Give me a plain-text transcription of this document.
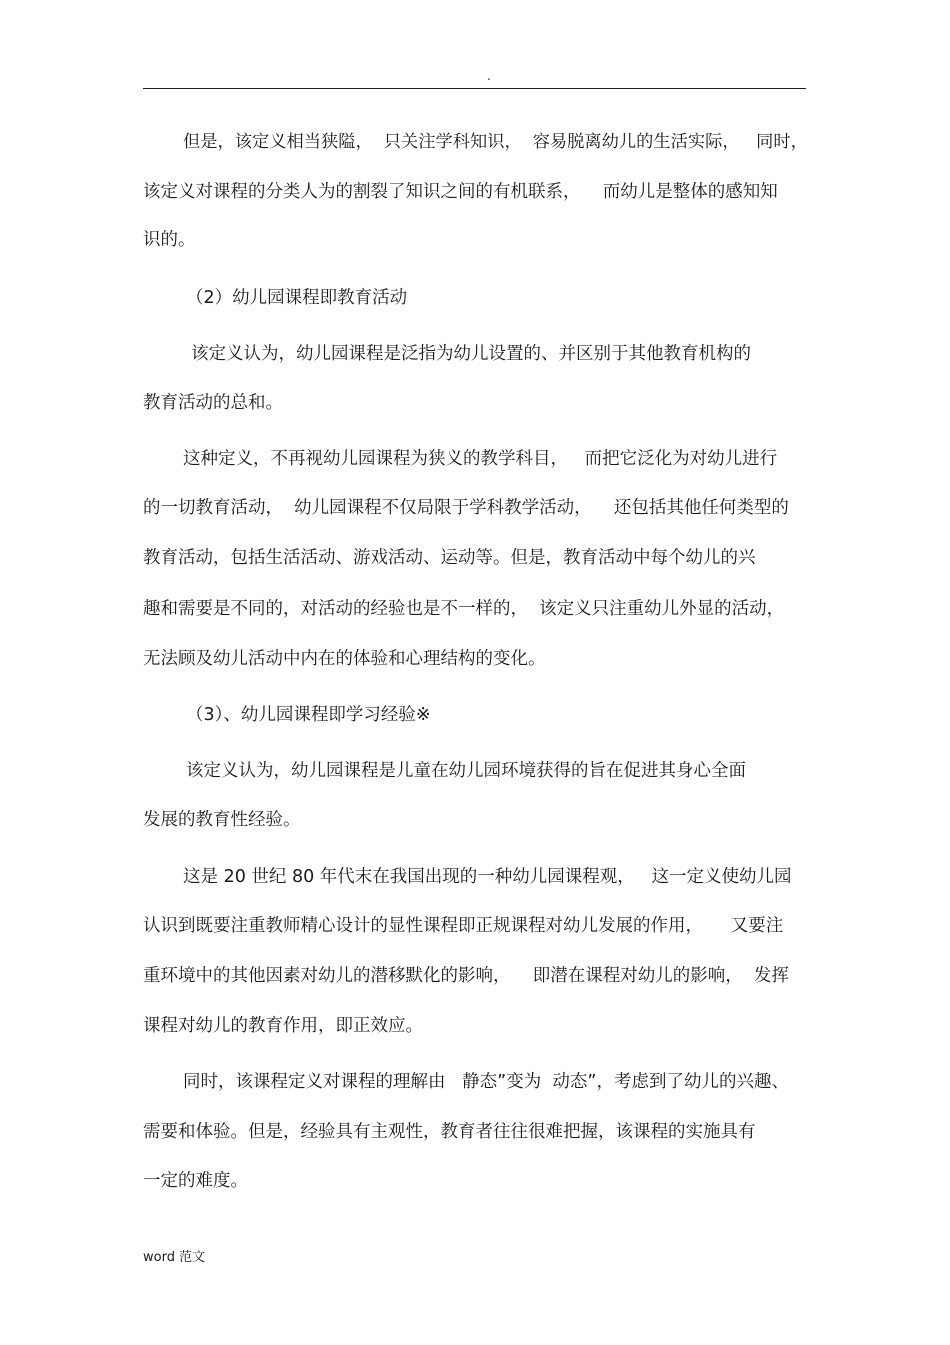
.
但是，该定义相当狭隘，  只关注学科知识，  容易脱离幼儿的生活实际，   同时，
该定义对课程的分类人为的割裂了知识之间的有机联系，    而幼儿是整体的感知知
识的。
（2）幼儿园课程即教育活动
该定义认为，幼儿园课程是泛指为幼儿设置的、并区别于其他教育机构的
教育活动的总和。
这种定义，不再视幼儿园课程为狭义的教学科目，   而把它泛化为对幼儿进行
的一切教育活动，  幼儿园课程不仅局限于学科教学活动，    还包括其他任何类型的
教育活动，包括生活活动、游戏活动、运动等。但是，教育活动中每个幼儿的兴
趣和需要是不同的，对活动的经验也是不一样的，  该定义只注重幼儿外显的活动，
无法顾及幼儿活动中内在的体验和心理结构的变化。
（3）、幼儿园课程即学习经验※
该定义认为，幼儿园课程是儿童在幼儿园环境获得的旨在促进其身心全面
发展的教育性经验。
这是 20 世纪 80 年代末在我国出现的一种幼儿园课程观，   这一定义使幼儿园
认识到既要注重教师精心设计的显性课程即正规课程对幼儿发展的作用，     又要注
重环境中的其他因素对幼儿的潜移默化的影响，    即潜在课程对幼儿的影响，  发挥
课程对幼儿的教育作用，即正效应。
同时，该课程定义对课程的理解由   静态”变为  动态”，考虑到了幼儿的兴趣、
需要和体验。但是，经验具有主观性，教育者往往很难把握，该课程的实施具有
一定的难度。
word 范文
